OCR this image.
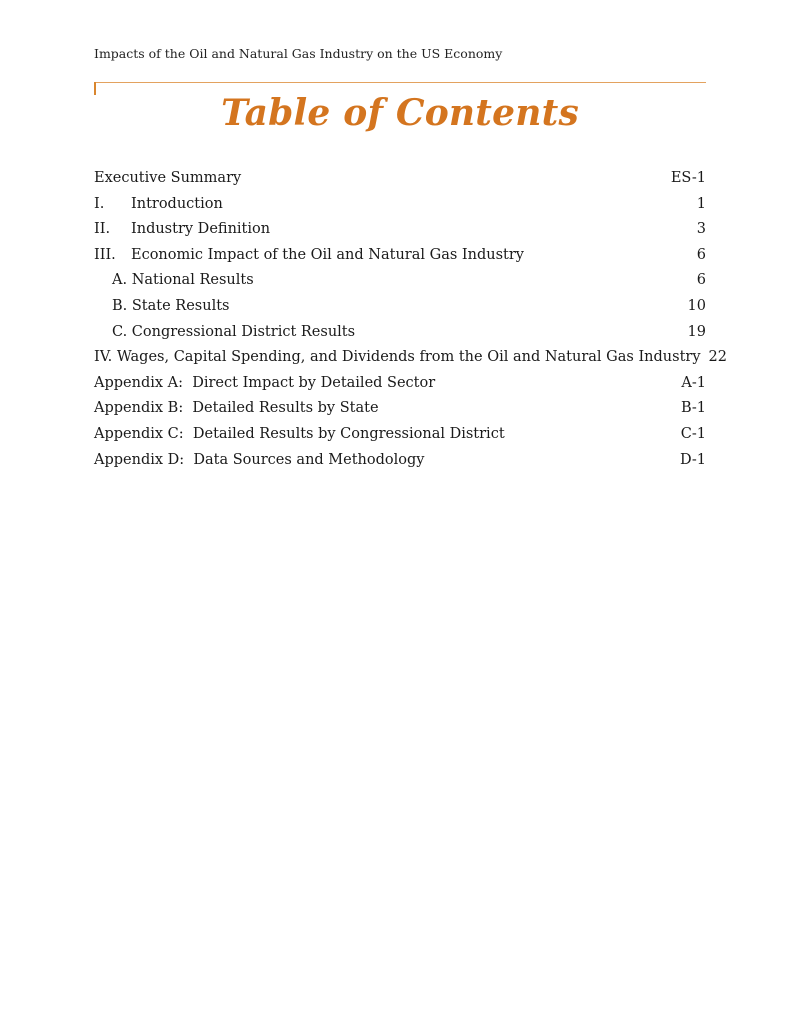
Impacts of the Oil and Natural Gas Industry on the US Economy
Table of Contents
Executive Summary	ES-1
I.	Introduction	1
II.	Industry Definition	3
III.	Economic Impact of the Oil and Natural Gas Industry	6
A. National Results	6
B. State Results	10
C. Congressional District Results	19
IV. Wages, Capital Spending, and Dividends from the Oil and Natural Gas Industry 22
Appendix A:  Direct Impact by Detailed Sector	A-1
Appendix B:  Detailed Results by State	B-1
Appendix C:  Detailed Results by Congressional District	C-1
Appendix D:  Data Sources and Methodology	D-1
